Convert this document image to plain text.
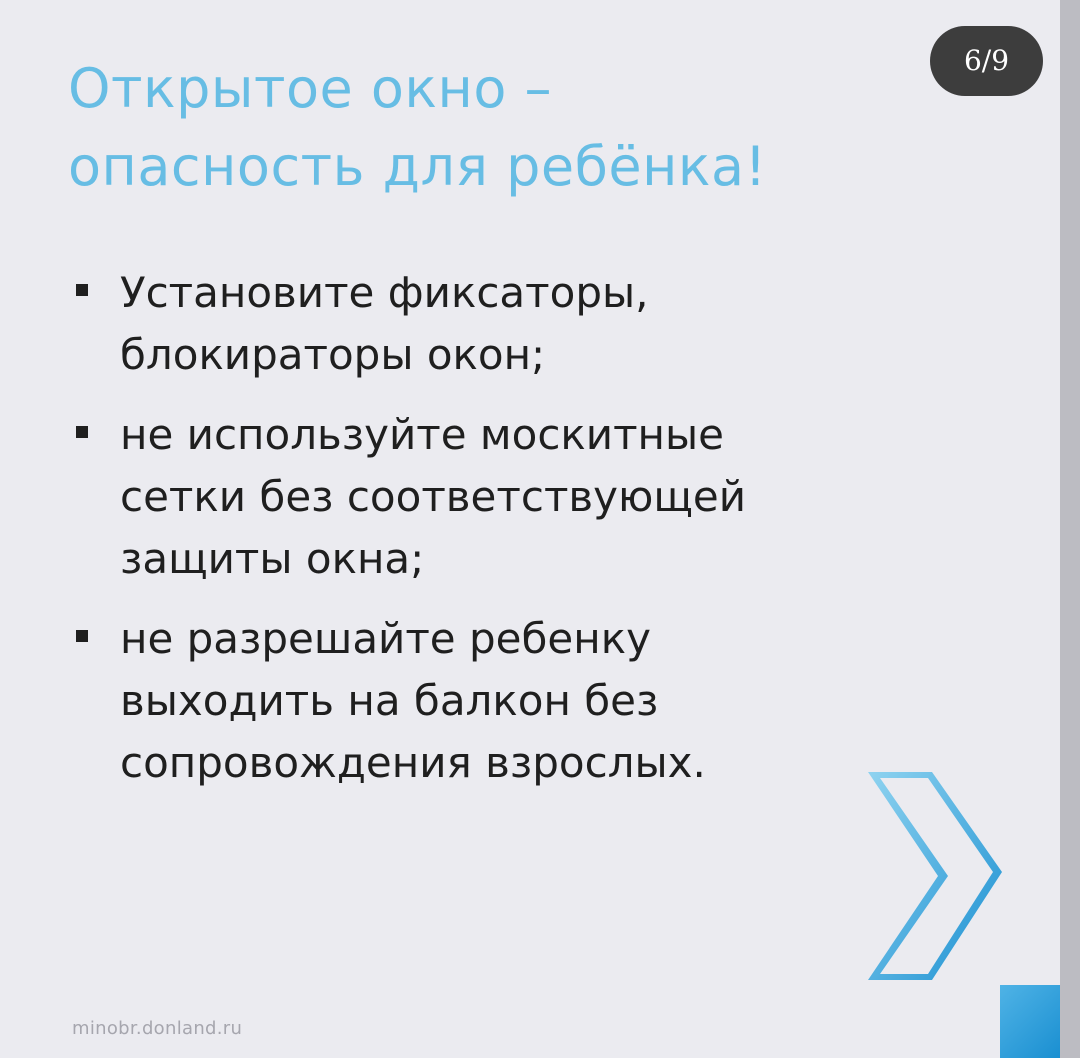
Открытое окно –
опасность для ребёнка!
6/9
Установите фиксаторы,
блокираторы окон;
не используйте москитные
сетки без соответствующей
защиты окна;
не разрешайте ребенку
выходить на балкон без
сопровождения взрослых.
minobr.donland.ru
